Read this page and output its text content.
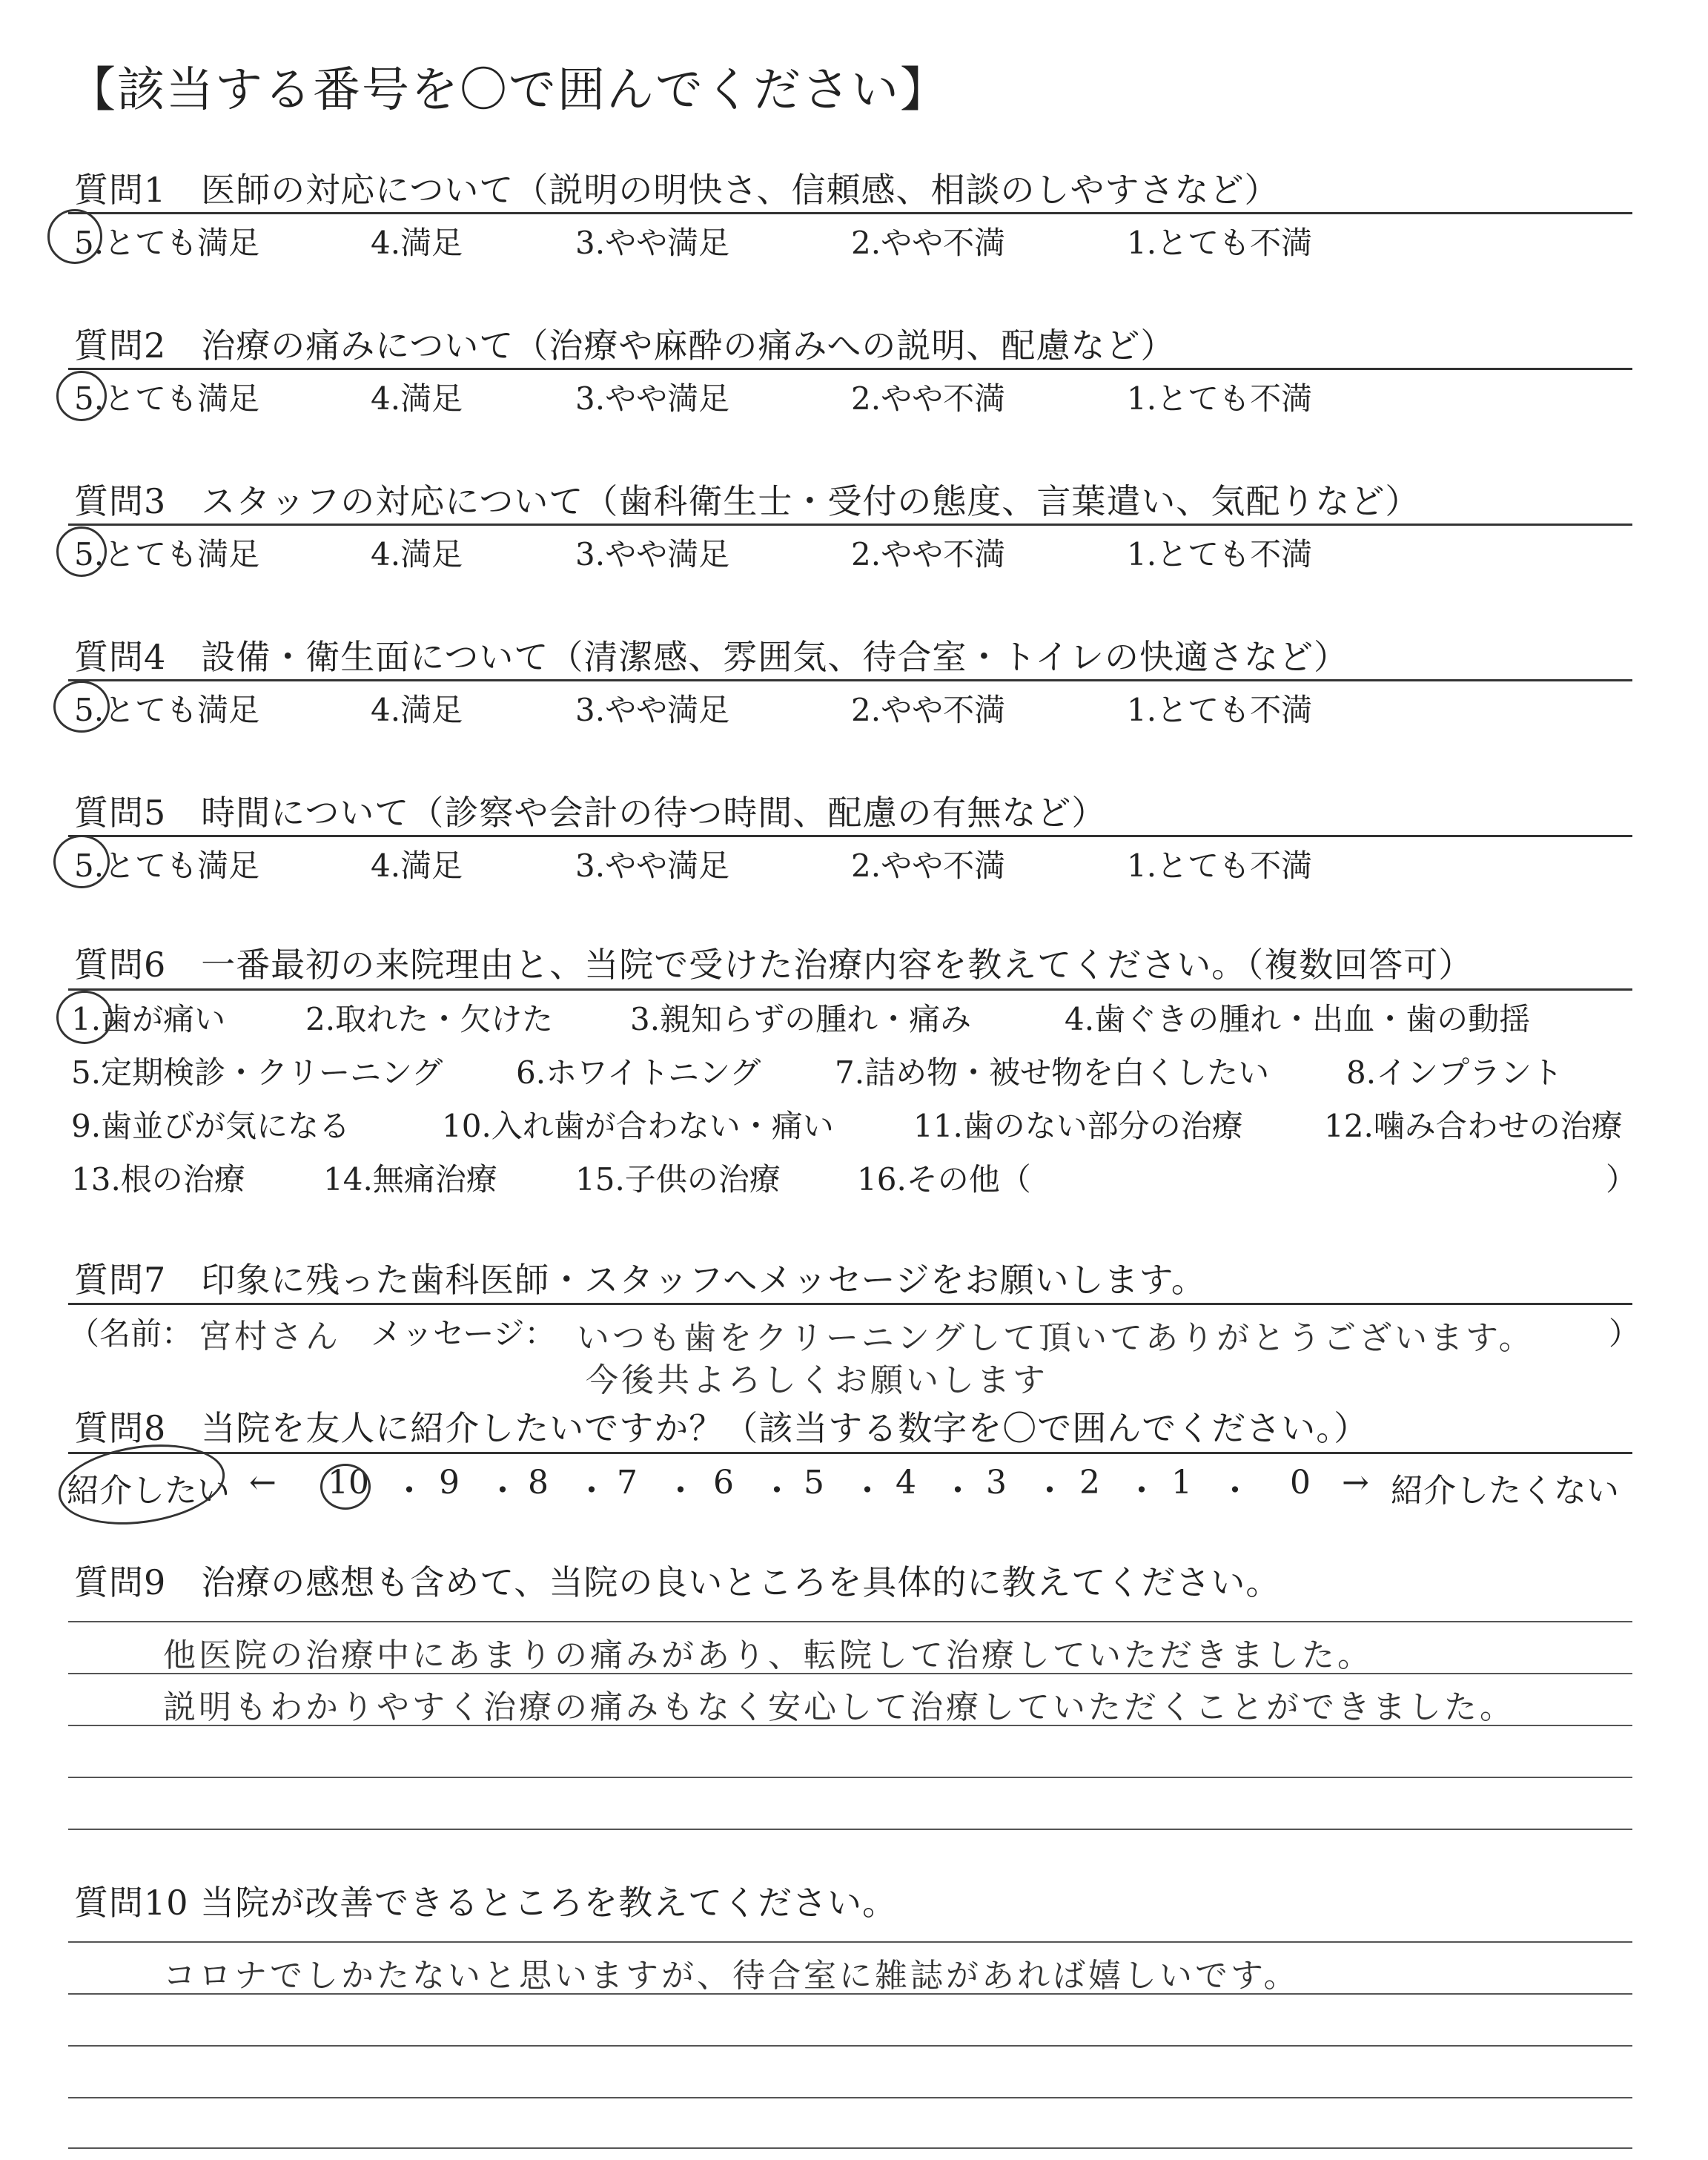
【該当する番号を〇で囲んでください】
質問1　医師の対応について（説明の明快さ、信頼感、相談のしやすさなど）
5.とても満足	4.満足	3.やや満足	2.やや不満	1.とても不満
質問2　治療の痛みについて（治療や麻酔の痛みへの説明、配慮など）
5.とても満足	4.満足	3.やや満足	2.やや不満	1.とても不満
質問3　スタッフの対応について（歯科衛生士・受付の態度、言葉遣い、気配りなど）
5.とても満足	4.満足	3.やや満足	2.やや不満	1.とても不満
質問4　設備・衛生面について（清潔感、雰囲気、待合室・トイレの快適さなど）
5.とても満足	4.満足	3.やや満足	2.やや不満	1.とても不満
質問5　時間について（診察や会計の待つ時間、配慮の有無など）
5.とても満足	4.満足	3.やや満足	2.やや不満	1.とても不満
質問6　一番最初の来院理由と、当院で受けた治療内容を教えてください。（複数回答可）
1.歯が痛い	2.取れた・欠けた 3.親知らずの腫れ・痛み	4.歯ぐきの腫れ・出血・歯の動揺
5.定期検診・クリーニング 6.ホワイトニング 7.詰め物・被せ物を白くしたい 8.インプラント
9.歯並びが気になる	10.入れ歯が合わない・痛い	11.歯のない部分の治療	12.噛み合わせの治療
13.根の治療	14.無痛治療	15.子供の治療 16.その他（	）
質問7　印象に残った歯科医師・スタッフへメッセージをお願いします。
（名前： 宮村さん メッセージ： いつも歯をクリーニングして頂いてありがとうございます。 ）
今後共よろしくお願いします
質問8　当院を友人に紹介したいですか？（該当する数字を〇で囲んでください。）
紹介したい ← 10 ・ 9 ・ 8 ・ 7 ・ 6 ・ 5 ・ 4 ・ 3 ・ 2 ・ 1 ・ 0 → 紹介したくない
質問9　治療の感想も含めて、当院の良いところを具体的に教えてください。
他医院の治療中にあまりの痛みがあり、転院して治療していただきました。
説明もわかりやすく治療の痛みもなく安心して治療していただくことができました。
質問10 当院が改善できるところを教えてください。
コロナでしかたないと思いますが、待合室に雑誌があれば嬉しいです。
